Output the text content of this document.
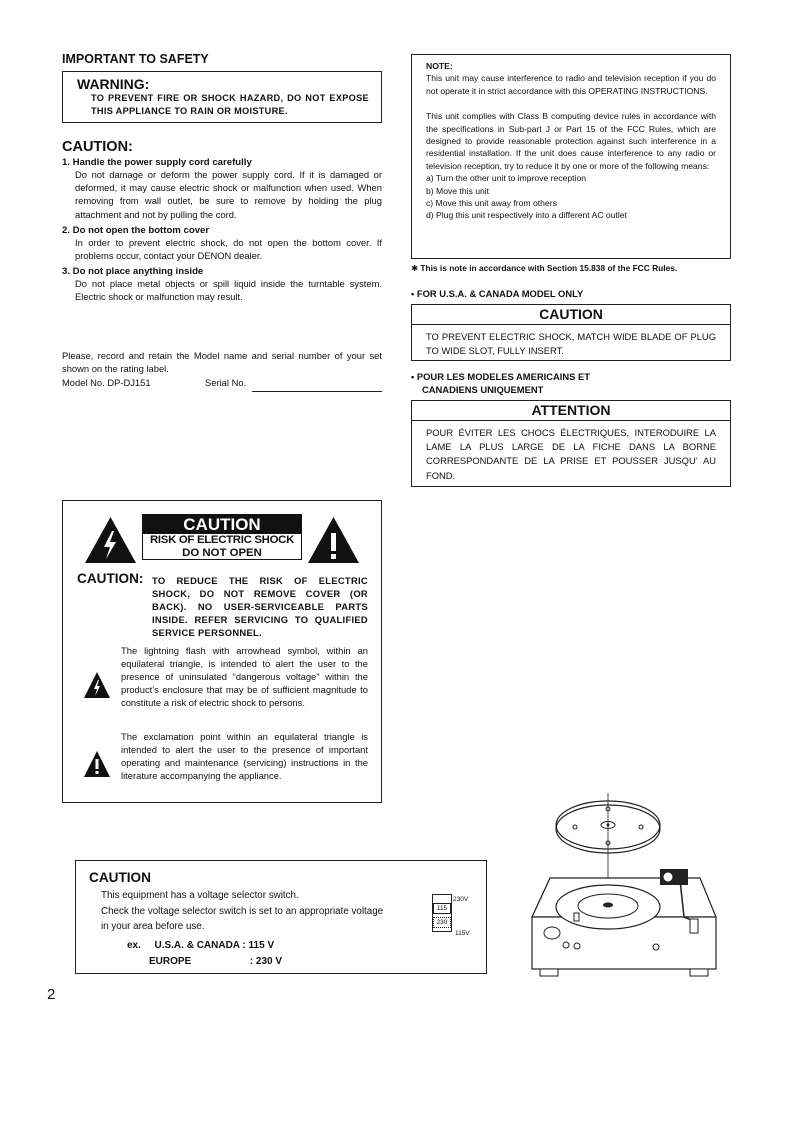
IMPORTANT TO SAFETY
WARNING:
TO PREVENT FIRE OR SHOCK HAZARD, DO NOT EXPOSE THIS APPLIANCE TO RAIN OR MOISTURE.
CAUTION:
1. Handle the power supply cord carefully
Do not damage or deform the power supply cord. If it is damaged or deformed, it may cause electric shock or malfunction when used. When removing from wall outlet, be sure to remove by holding the plug attachment and not by pulling the cord.
2. Do not open the bottom cover
In order to prevent electric shock, do not open the bottom cover. If problems occur, contact your DENON dealer.
3. Do not place anything inside
Do not place metal objects or spill liquid inside the turntable system. Electric shock or malfunction may result.
Please, record and retain the Model name and serial number of your set shown on the rating label.
Model No. DP-DJ151	Serial No.
NOTE:
This unit may cause interference to radio and television reception if you do not operate it in strict accordance with this OPERATING INSTRUCTIONS.
This unit complies with Class B computing device rules in accordance with the specifications in Sub-part J or Part 15 of the FCC Rules, which are designed to provide reasonable protection against such interference in a residential installation. If the unit does cause interference to any radio or television reception, try to reduce it by one or more of the following means:
a) Turn the other unit to improve reception
b) Move this unit
c) Move this unit away from others
d) Plug this unit respectively into a different AC outlet
✱ This is note in accordance with Section 15.838 of the FCC Rules.
• FOR U.S.A. & CANADA MODEL ONLY
CAUTION
TO PREVENT ELECTRIC SHOCK, MATCH WIDE BLADE OF PLUG TO WIDE SLOT, FULLY INSERT.
• POUR LES MODELES AMERICAINS ET
CANADIENS UNIQUEMENT
ATTENTION
POUR ÉVITER LES CHOCS ÉLECTRIQUES, INTERODUIRE LA LAME LA PLUS LARGE DE LA FICHE DANS LA BORNE CORRESPONDANTE DE LA PRISE ET POUSSER JUSQU’ AU FOND.
CAUTION
RISK OF ELECTRIC SHOCK
DO NOT OPEN
CAUTION: TO REDUCE THE RISK OF ELECTRIC SHOCK, DO NOT REMOVE COVER (OR BACK). NO USER-SERVICEABLE PARTS INSIDE. REFER SERVICING TO QUALIFIED SERVICE PERSONNEL.
The lightning flash with arrowhead symbol, within an equilateral triangle, is intended to alert the user to the presence of uninsulated “dangerous voltage” within the product’s enclosure that may be of sufficient magnitude to constitute a risk of electric shock to persons.
The exclamation point within an equilateral triangle is intended to alert the user to the presence of important operating and maintenance (servicing) instructions in the literature accompanying the appliance.
CAUTION
This equipment has a voltage selector switch.
Check the voltage selector switch is set to an appropriate voltage
in your area before use.
ex. U.S.A. & CANADA : 115 V
EUROPE	: 230 V
115
230
230V
115V
2
